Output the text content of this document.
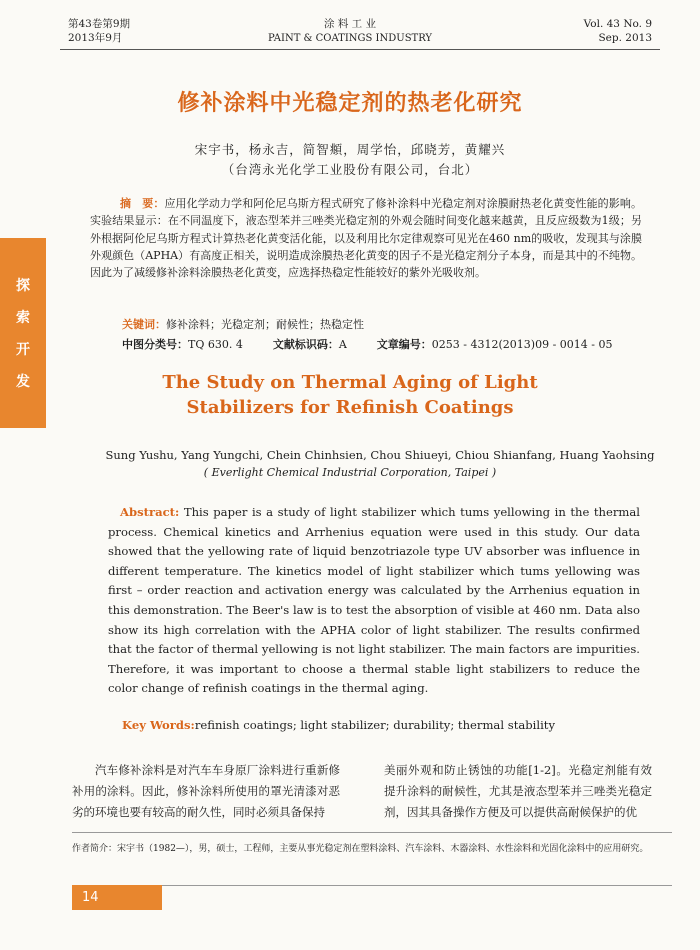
第43卷第9期
2013年9月
涂 料 工 业
PAINT & COATINGS INDUSTRY
Vol. 43 No. 9
Sep. 2013
探
索
开
发
修补涂料中光稳定剂的热老化研究
宋宇书，杨永吉，简智頫，周学怡，邱晓芳，黄耀兴
（台湾永光化学工业股份有限公司，台北）
摘　要：应用化学动力学和阿伦尼乌斯方程式研究了修补涂料中光稳定剂对涂膜耐热老化黄变性能的影响。实验结果显示：在不同温度下，液态型苯并三唑类光稳定剂的外观会随时间变化越来越黄，且反应级数为1级；另外根据阿伦尼乌斯方程式计算热老化黄变活化能，以及利用比尔定律观察可见光在460 nm的吸收，发现其与涂膜外观颜色（APHA）有高度正相关，说明造成涂膜热老化黄变的因子不是光稳定剂分子本身，而是其中的不纯物。因此为了减缓修补涂料涂膜热老化黄变，应选择热稳定性能较好的紫外光吸收剂。
关键词：修补涂料；光稳定剂；耐候性；热稳定性
中图分类号：TQ 630. 4	文献标识码：A	文章编号：0253 - 4312(2013)09 - 0014 - 05
The Study on Thermal Aging of Light
Stabilizers for Refinish Coatings
Sung Yushu, Yang Yungchi, Chein Chinhsien, Chou Shiueyi, Chiou Shianfang, Huang Yaohsing
( Everlight Chemical Industrial Corporation, Taipei )
Abstract: This paper is a study of light stabilizer which tums yellowing in the thermal process. Chemical kinetics and Arrhenius equation were used in this study. Our data showed that the yellowing rate of liquid benzotriazole type UV absorber was influence in different temperature. The kinetics model of light stabilizer which tums yellowing was first – order reaction and activation energy was calculated by the Arrhenius equation in this demonstration. The Beer's law is to test the absorption of visible at 460 nm. Data also show its high correlation with the APHA color of light stabilizer. The results confirmed that the factor of thermal yellowing is not light stabilizer. The main factors are impurities. Therefore, it was important to choose a thermal stable light stabilizers to reduce the color change of refinish coatings in the thermal aging.
Key Words:refinish coatings; light stabilizer; durability; thermal stability
汽车修补涂料是对汽车车身原厂涂料进行重新修补用的涂料。因此，修补涂料所使用的罩光清漆对恶劣的环境也要有较高的耐久性，同时必须具备保持
美丽外观和防止锈蚀的功能[1-2]。光稳定剂能有效提升涂料的耐候性，尤其是液态型苯并三唑类光稳定剂，因其具备操作方便及可以提供高耐候保护的优
作者简介：宋宇书（1982—），男，硕士，工程师，主要从事光稳定剂在塑料涂料、汽车涂料、木器涂料、水性涂料和光固化涂料中的应用研究。
14
